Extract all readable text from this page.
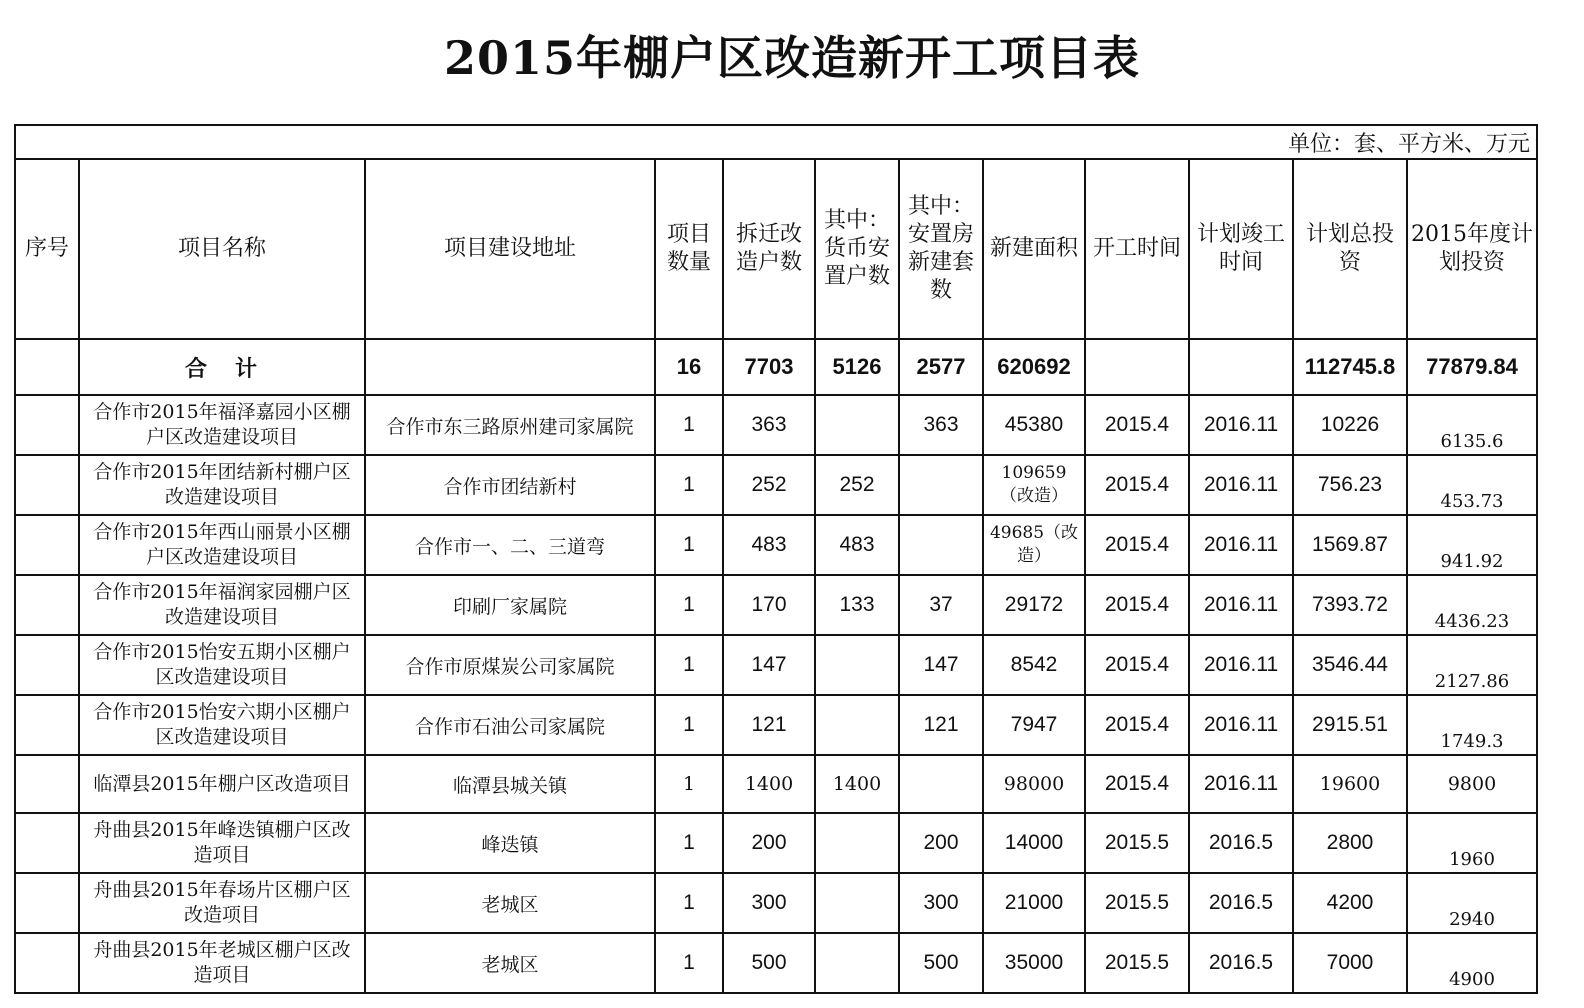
2015年棚户区改造新开工项目表
单位：套、平方米、万元											
序号	项目名称	项目建设地址	项目数量	拆迁改造户数	其中：货币安置户数	其中：安置房新建套数	新建面积	开工时间	计划竣工时间	计划总投资	2015年度计划投资
	合计		16	7703	5126	2577	620692			112745.8	77879.84
	合作市2015年福泽嘉园小区棚户区改造建设项目	合作市东三路原州建司家属院	1	363		363	45380	2015.4	2016.11	10226	6135.6
	合作市2015年团结新村棚户区改造建设项目	合作市团结新村	1	252	252		109659（改造）	2015.4	2016.11	756.23	453.73
	合作市2015年西山丽景小区棚户区改造建设项目	合作市一、二、三道弯	1	483	483		49685（改造）	2015.4	2016.11	1569.87	941.92
	合作市2015年福润家园棚户区改造建设项目	印刷厂家属院	1	170	133	37	29172	2015.4	2016.11	7393.72	4436.23
	合作市2015怡安五期小区棚户区改造建设项目	合作市原煤炭公司家属院	1	147		147	8542	2015.4	2016.11	3546.44	2127.86
	合作市2015怡安六期小区棚户区改造建设项目	合作市石油公司家属院	1	121		121	7947	2015.4	2016.11	2915.51	1749.3
	临潭县2015年棚户区改造项目	临潭县城关镇	1	1400	1400		98000	2015.4	2016.11	19600	9800
	舟曲县2015年峰迭镇棚户区改造项目	峰迭镇	1	200		200	14000	2015.5	2016.5	2800	1960
	舟曲县2015年春场片区棚户区改造项目	老城区	1	300		300	21000	2015.5	2016.5	4200	2940
	舟曲县2015年老城区棚户区改造项目	老城区	1	500		500	35000	2015.5	2016.5	7000	4900
